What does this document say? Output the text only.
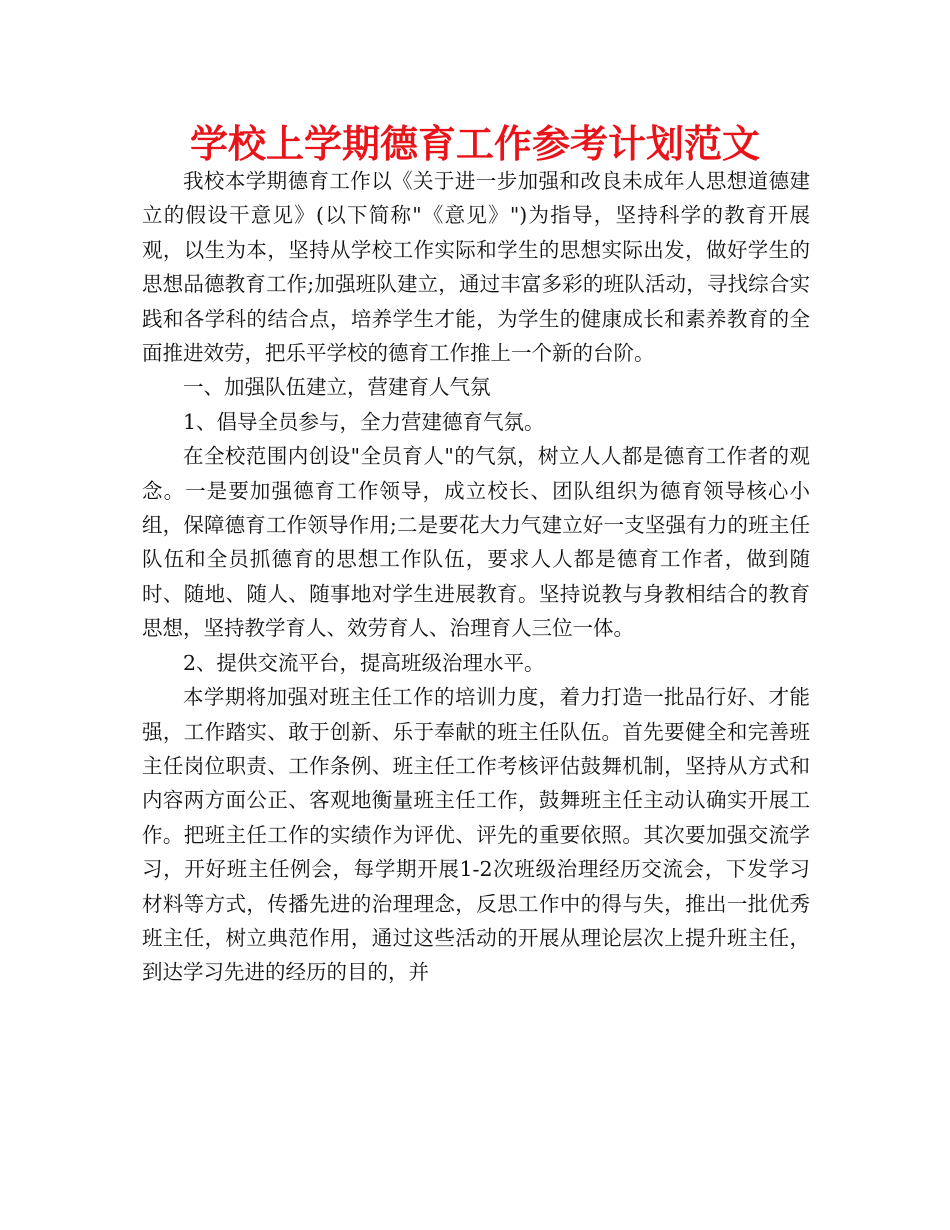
学校上学期德育工作参考计划范文

我校本学期德育工作以《关于进一步加强和改良未成年人思想道德建立的假设干意见》(以下简称"《意见》")为指导，坚持科学的教育开展观，以生为本，坚持从学校工作实际和学生的思想实际出发，做好学生的思想品德教育工作;加强班队建立，通过丰富多彩的班队活动，寻找综合实践和各学科的结合点，培养学生才能，为学生的健康成长和素养教育的全面推进效劳，把乐平学校的德育工作推上一个新的台阶。

一、加强队伍建立，营建育人气氛

1、倡导全员参与，全力营建德育气氛。

在全校范围内创设"全员育人"的气氛，树立人人都是德育工作者的观念。一是要加强德育工作领导，成立校长、团队组织为德育领导核心小组，保障德育工作领导作用;二是要花大力气建立好一支坚强有力的班主任队伍和全员抓德育的思想工作队伍，要求人人都是德育工作者，做到随时、随地、随人、随事地对学生进展教育。坚持说教与身教相结合的教育思想，坚持教学育人、效劳育人、治理育人三位一体。

2、提供交流平台，提高班级治理水平。

本学期将加强对班主任工作的培训力度，着力打造一批品行好、才能强，工作踏实、敢于创新、乐于奉献的班主任队伍。首先要健全和完善班主任岗位职责、工作条例、班主任工作考核评估鼓舞机制，坚持从方式和内容两方面公正、客观地衡量班主任工作，鼓舞班主任主动认确实开展工作。把班主任工作的实绩作为评优、评先的重要依照。其次要加强交流学习，开好班主任例会，每学期开展1-2次班级治理经历交流会，下发学习材料等方式，传播先进的治理理念，反思工作中的得与失，推出一批优秀班主任，树立典范作用，通过这些活动的开展从理论层次上提升班主任，到达学习先进的经历的目的，并
